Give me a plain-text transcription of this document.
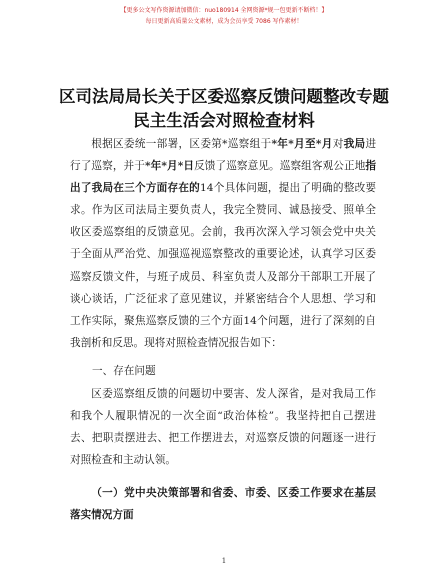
【更多公文写作资源请加微信：nuo180914 全网资源*规一包更新不断档！】
每日更新高质量公文素材，成为会员享受 7086 写作素材！
区司法局局长关于区委巡察反馈问题整改专题
民主生活会对照检查材料

根据区委统一部署，区委第*巡察组于*年*月至*月对我局进行了巡察，并于*年*月*日反馈了巡察意见。巡察组客观公正地指出了我局在三个方面存在的14个具体问题，提出了明确的整改要求。作为区司法局主要负责人，我完全赞同、诚恳接受、照单全收区委巡察组的反馈意见。会前，我再次深入学习领会党中央关于全面从严治党、加强巡视巡察整改的重要论述，认真学习区委巡察反馈文件，与班子成员、科室负责人及部分干部职工开展了谈心谈话，广泛征求了意见建议，并紧密结合个人思想、学习和工作实际，聚焦巡察反馈的三个方面14个问题，进行了深刻的自我剖析和反思。现将对照检查情况报告如下：

一、存在问题

区委巡察组反馈的问题切中要害、发人深省，是对我局工作和我个人履职情况的一次全面“政治体检”。我坚持把自己摆进去、把职责摆进去、把工作摆进去，对巡察反馈的问题逐一进行对照检查和主动认领。

（一）党中央决策部署和省委、市委、区委工作要求在基层落实情况方面

1
